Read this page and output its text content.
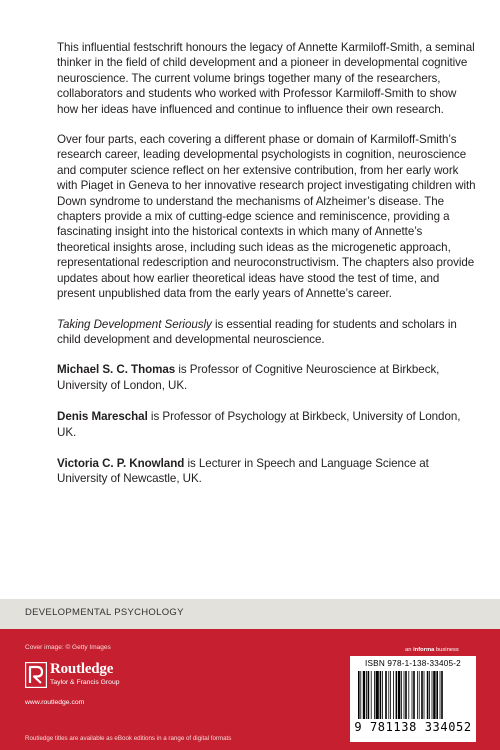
This influential festschrift honours the legacy of Annette Karmiloff-Smith, a seminal thinker in the field of child development and a pioneer in developmental cognitive neuroscience. The current volume brings together many of the researchers, collaborators and students who worked with Professor Karmiloff-Smith to show how her ideas have influenced and continue to influence their own research.

Over four parts, each covering a different phase or domain of Karmiloff-Smith’s research career, leading developmental psychologists in cognition, neuroscience and computer science reflect on her extensive contribution, from her early work with Piaget in Geneva to her innovative research project investigating children with Down syndrome to understand the mechanisms of Alzheimer’s disease. The chapters provide a mix of cutting-edge science and reminiscence, providing a fascinating insight into the historical contexts in which many of Annette’s theoretical insights arose, including such ideas as the microgenetic approach, representational redescription and neuroconstructivism. The chapters also provide updates about how earlier theoretical ideas have stood the test of time, and present unpublished data from the early years of Annette’s career.

Taking Development Seriously is essential reading for students and scholars in child development and developmental neuroscience.

Michael S. C. Thomas is Professor of Cognitive Neuroscience at Birkbeck, University of London, UK.

Denis Mareschal is Professor of Psychology at Birkbeck, University of London, UK.

Victoria C. P. Knowland is Lecturer in Speech and Language Science at University of Newcastle, UK.

DEVELOPMENTAL PSYCHOLOGY
Cover image: © Getty Images
Routledge
Taylor & Francis Group
www.routledge.com
Routledge titles are available as eBook editions in a range of digital formats
an informa business
ISBN 978-1-138-33405-2
9 781138 334052
